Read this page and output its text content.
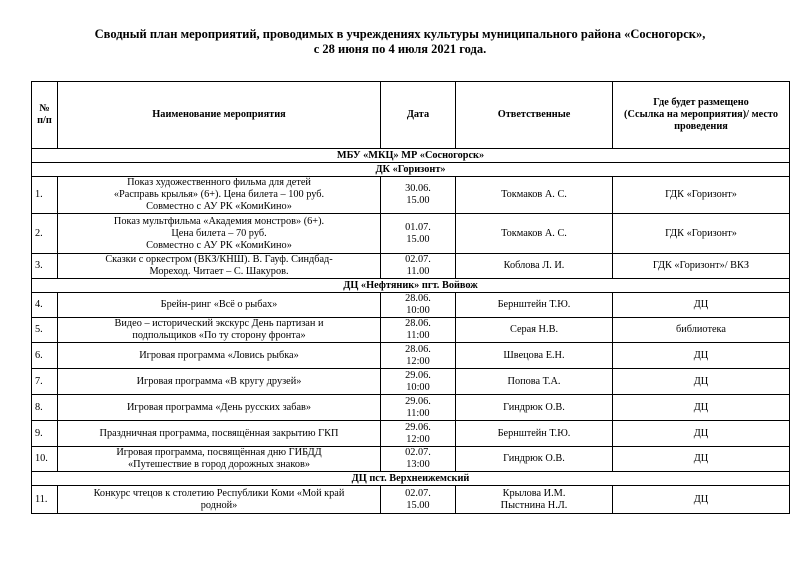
Сводный план мероприятий, проводимых в учреждениях культуры муниципального района «Сосногорск»,
с 28 июня по 4 июля 2021 года.
№
п/п	Наименование мероприятия	Дата	Ответственные	Где будет размещено
(Ссылка на мероприятия)/ место
проведения

МБУ «МКЦ» МР «Сосногорск»				
ДК «Горизонт»				
1.	Показ художественного фильма для детей
«Расправь крылья» (6+). Цена билета – 100 руб.
Совместно с АУ РК «КомиКино»	30.06.
15.00	Токмаков А. С.	ГДК «Горизонт»
2.	Показ мультфильма «Академия монстров» (6+).
Цена билета – 70 руб.
Совместно с АУ РК «КомиКино»	01.07.
15.00	Токмаков А. С.	ГДК «Горизонт»
3.	Сказки с оркестром (ВКЗ/КНШ). В. Гауф. Синдбад-
Мореход. Читает – С. Шакуров.	02.07.
11.00	Коблова Л. И.	ГДК «Горизонт»/ ВКЗ
ДЦ «Нефтяник» пгт. Войвож				
4.	Брейн-ринг «Всё о рыбах»	28.06.
10:00	Бернштейн Т.Ю.	ДЦ
5.	Видео – исторический экскурс День партизан и
подпольщиков «По ту сторону фронта»	28.06.
11:00	Серая Н.В.	библиотека
6.	Игровая программа «Ловись рыбка»	28.06.
12:00	Швецова Е.Н.	ДЦ
7.	Игровая программа «В кругу друзей»	29.06.
10:00	Попова Т.А.	ДЦ
8.	Игровая программа «День русских забав»	29.06.
11:00	Гиндрюк О.В.	ДЦ
9.	Праздничная программа, посвящённая закрытию ГКП	29.06.
12:00	Бернштейн Т.Ю.	ДЦ
10.	Игровая программа, посвящённая дню ГИБДД
«Путешествие в город дорожных знаков»	02.07.
13:00	Гиндрюк О.В.	ДЦ
ДЦ пст. Верхнеижемский				
11.	Конкурс чтецов к столетию Республики Коми «Мой край
родной»	02.07.
15.00	Крылова И.М.
Пыстнина Н.Л.	ДЦ
